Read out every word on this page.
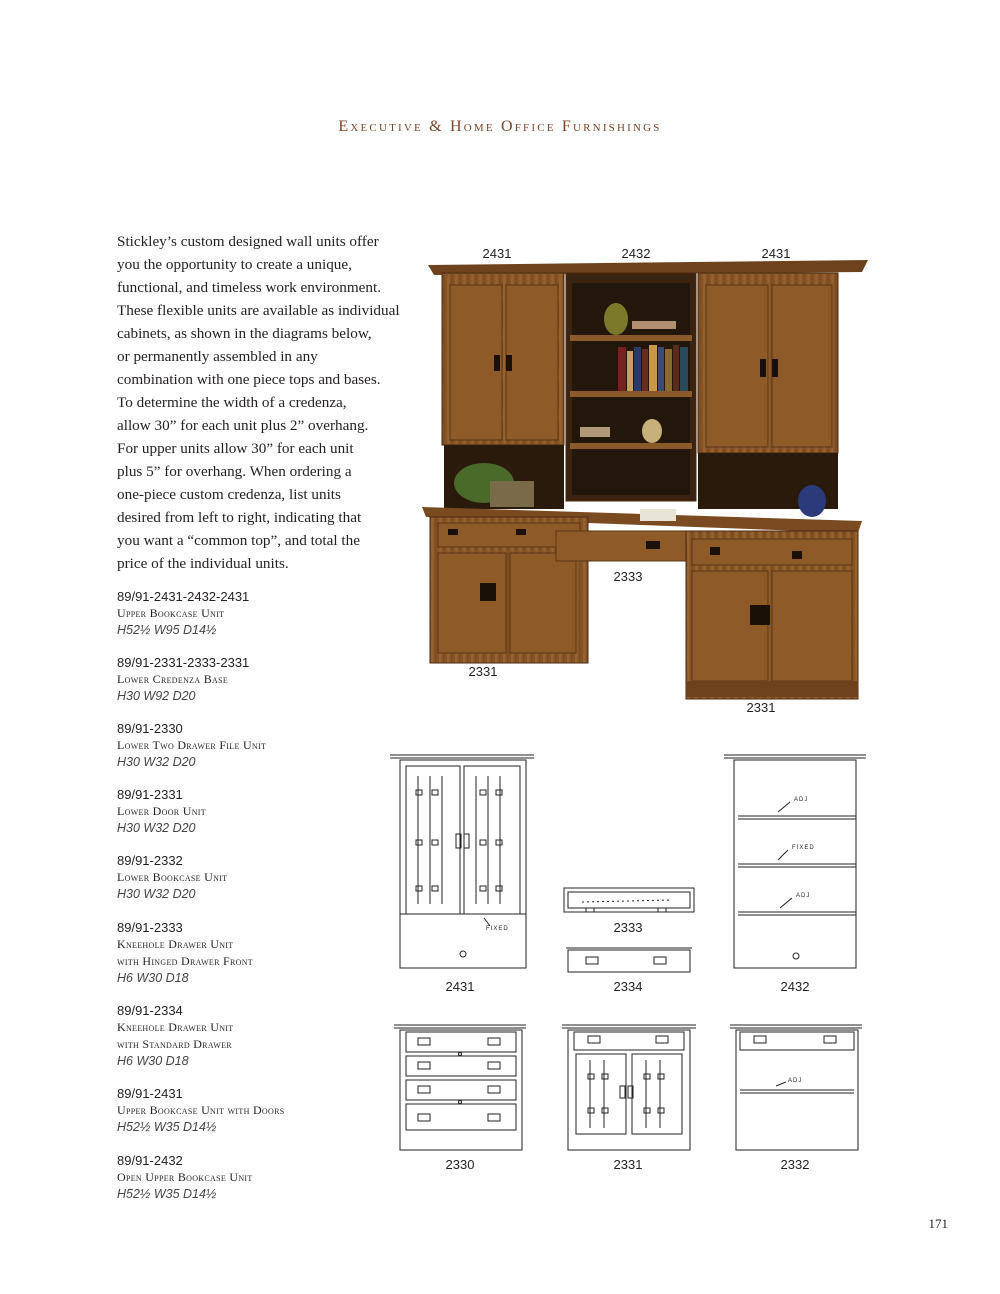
Executive & Home Office Furnishings
Stickley’s custom designed wall units offer
you the opportunity to create a unique,
functional, and timeless work environment.
These flexible units are available as individual
cabinets, as shown in the diagrams below,
or permanently assembled in any
combination with one piece tops and bases.
To determine the width of a credenza,
allow 30” for each unit plus 2” overhang.
For upper units allow 30” for each unit
plus 5” for overhang. When ordering a
one-piece custom credenza, list units
desired from left to right, indicating that
you want a “common top”, and total the
price of the individual units.
89/91-2431-2432-2431
Upper Bookcase Unit
H52½ W95 D14½
89/91-2331-2333-2331
Lower Credenza Base
H30 W92 D20
89/91-2330
Lower Two Drawer File Unit
H30 W32 D20
89/91-2331
Lower Door Unit
H30 W32 D20
89/91-2332
Lower Bookcase Unit
H30 W32 D20
89/91-2333
Kneehole Drawer Unit
with Hinged Drawer Front
H6 W30 D18
89/91-2334
Kneehole Drawer Unit
with Standard Drawer
H6 W30 D18
89/91-2431
Upper Bookcase Unit with Doors
H52½ W35 D14½
89/91-2432
Open Upper Bookcase Unit
H52½ W35 D14½
2431	2432	2431
2333
2331
2331
FIXED
2431
2333
2334
ADJ
FIXED
ADJ
2432
2330	2331
ADJ
2332
171
